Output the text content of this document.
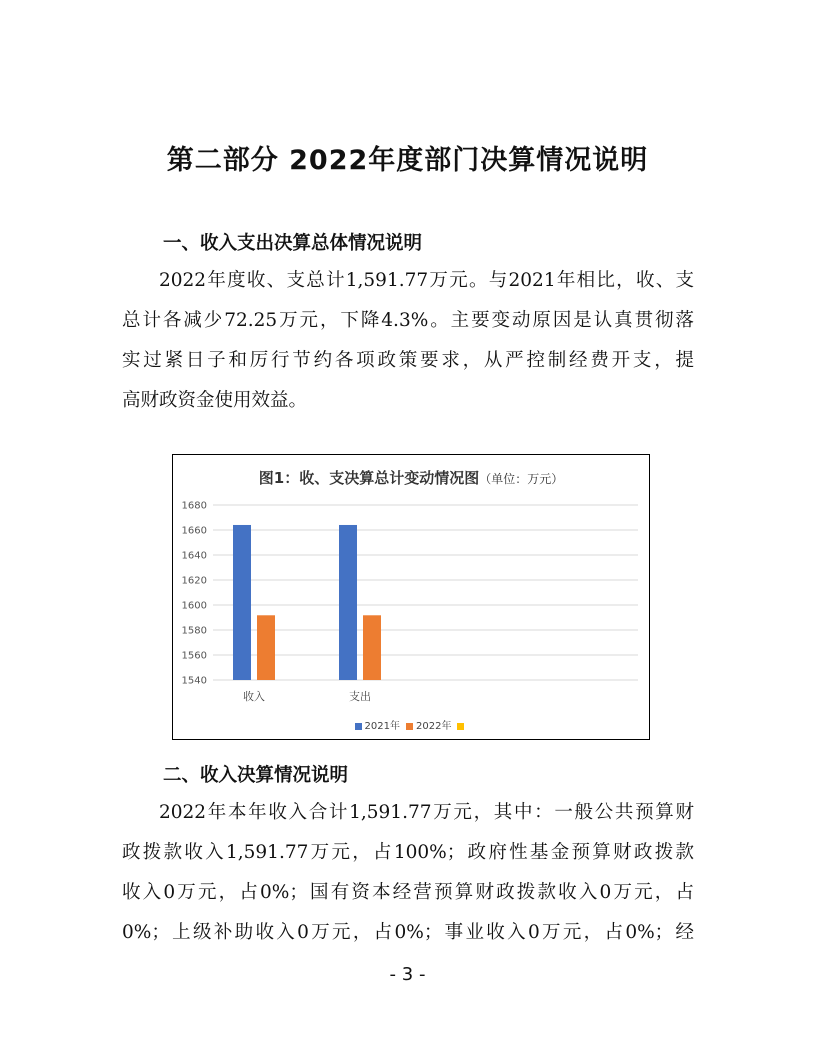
第二部分 2022年度部门决算情况说明
一、收入支出决算总体情况说明
2022年度收、支总计1,591.77万元。与2021年相比，收、支
总计各减少72.25万元，下降4.3%。主要变动原因是认真贯彻落
实过紧日子和厉行节约各项政策要求，从严控制经费开支，提
高财政资金使用效益。
图1：收、支决算总计变动情况图（单位：万元）
1540
1560
1580
1600
1620
1640
1660
1680
收入	支出
2021年 2022年
二、收入决算情况说明
2022年本年收入合计1,591.77万元，其中：一般公共预算财
政拨款收入1,591.77万元，占100%；政府性基金预算财政拨款
收入0万元，占0%；国有资本经营预算财政拨款收入0万元，占
0%；上级补助收入0万元，占0%；事业收入0万元，占0%；经
- 3 -
